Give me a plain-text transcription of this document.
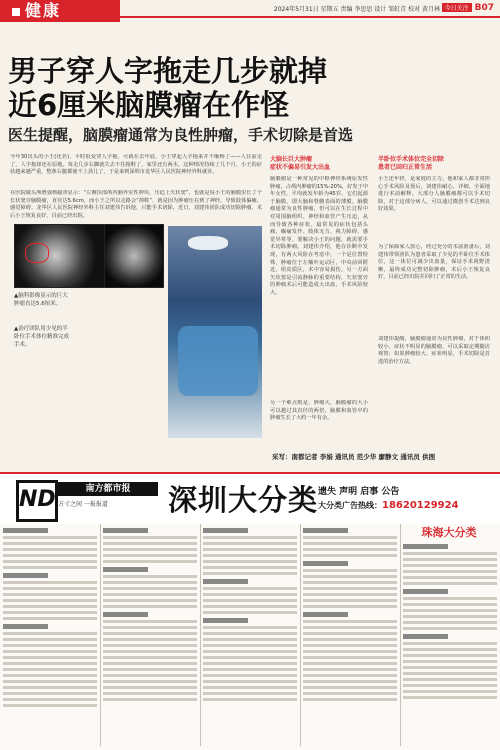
健康	2024年5月31日 星期五 责编 李思思 设计 邹虹青 校对 黄月林 今日关注 B07
男子穿人字拖走几步就掉
近6厘米脑膜瘤在作怪
医生提醒，脑膜瘤通常为良性肿瘤，手术切除是首选
今年30出头的小王(化名)，平时很爱穿人字拖，可就在去年底，小王穿起人字拖来并不顺畅了——人往前走了，人字拖却还在原地。每走几步右脚就失去不住拖鞋了，家里还有两木，这种情况持续了几个月，小王的症状越来越严重，整条右腿都使不上劲儿了，于是来到深圳市龙华区人民医院神经外科就诊。
在医院做头颅增强核磁查显示：“左侧顶部颅内脑外实性肿块，压迫上矢状窦”，也就是说小王的脑膜里长了个长状窦旁脑膜瘤，直径达5.6cm，而小王之所以走路会“掉鞋”，就是因为肿瘤压在到了神经，导致肢体偏瘫。感觉障碍。龙华区人民医院神经外科主任刘建伟告诉他，只能手术切除，近日，刘建伟团队成功切除肿瘤，术后小王恢复良好，目前已经出院。
▲脑科影像显示的巨大肿瘤直达5.6厘米。
▲治疗团队用少见的半卧位手术体位精准完成手术。
大脑长巨大肿瘤
症状不偏易引发大出血
脑膜瘤是一种常见的中枢神经系统原发性肿瘤，占颅内肿瘤的15%-20%，好发于中年女性，平均就发年龄为45岁。它们起源于脑膜，即大脑和脊髓表面的薄膜。脑膜瘤通常为良性肿瘤，但可以在生长过程中对周围脑组织、神经和血管产生压迫，从而导致各种症状。最常见的症状包括头痛、癫痫发作、肢体无力、视力障碍、感觉异常等。要解决小王的问题，就需要手术切除肿瘤。刘建伟介绍，他在诊断中发现，有两大风险在考虑中，一个是位置特殊，肿瘤位于左额叶运动区，中央前回附近，组皮质区，术中容易损伤。另一方面矢状窦是引流静脉的重要结构，矢状窦旁的肿瘤术后可能造成大出血，手术风险较大。
另一个难点则是，肿瘤大，脑膜瘤的大小可以越过其直径的两倍，脑膜和血管中的肿瘤生长了大约一年有余。
半卧位手术体位完全切除
患者已回归正常生活
小王还年轻，是家庭的主力，他和家人都非常担心手术风险及预后，刘建伟耐心、详细、全面地进行术前解释。大部分人脑膜瘤都可以手术切除，对于这部分病人，可以通过微创手术达到良好效果。
为了保障家人放心，经过充分的术前准备后，刘建伟带领团队为患者采取了少见的半卧位手术体位，这一体位可减少出血量，保证手术视野清晰，最终成功完整切除肿瘤，术后小王恢复良好，目前已经出院并回归了正常的生活。
刘建伟提醒，脑膜瘤通常为良性肿瘤，对于体积较小、症状不明显的脑膜瘤，可以采取定期随访观察；如果肿瘤较大、症状明显，手术切除是首选的治疗方法。
采写：南都记者 李娟 通讯员 范少华 廖静文 通讯员 供图
ND	南方都市报
方寸之间 一报报道 深圳大分类 遗失 声明 启事 公告
大分类广告热线：18620129924
珠海大分类
